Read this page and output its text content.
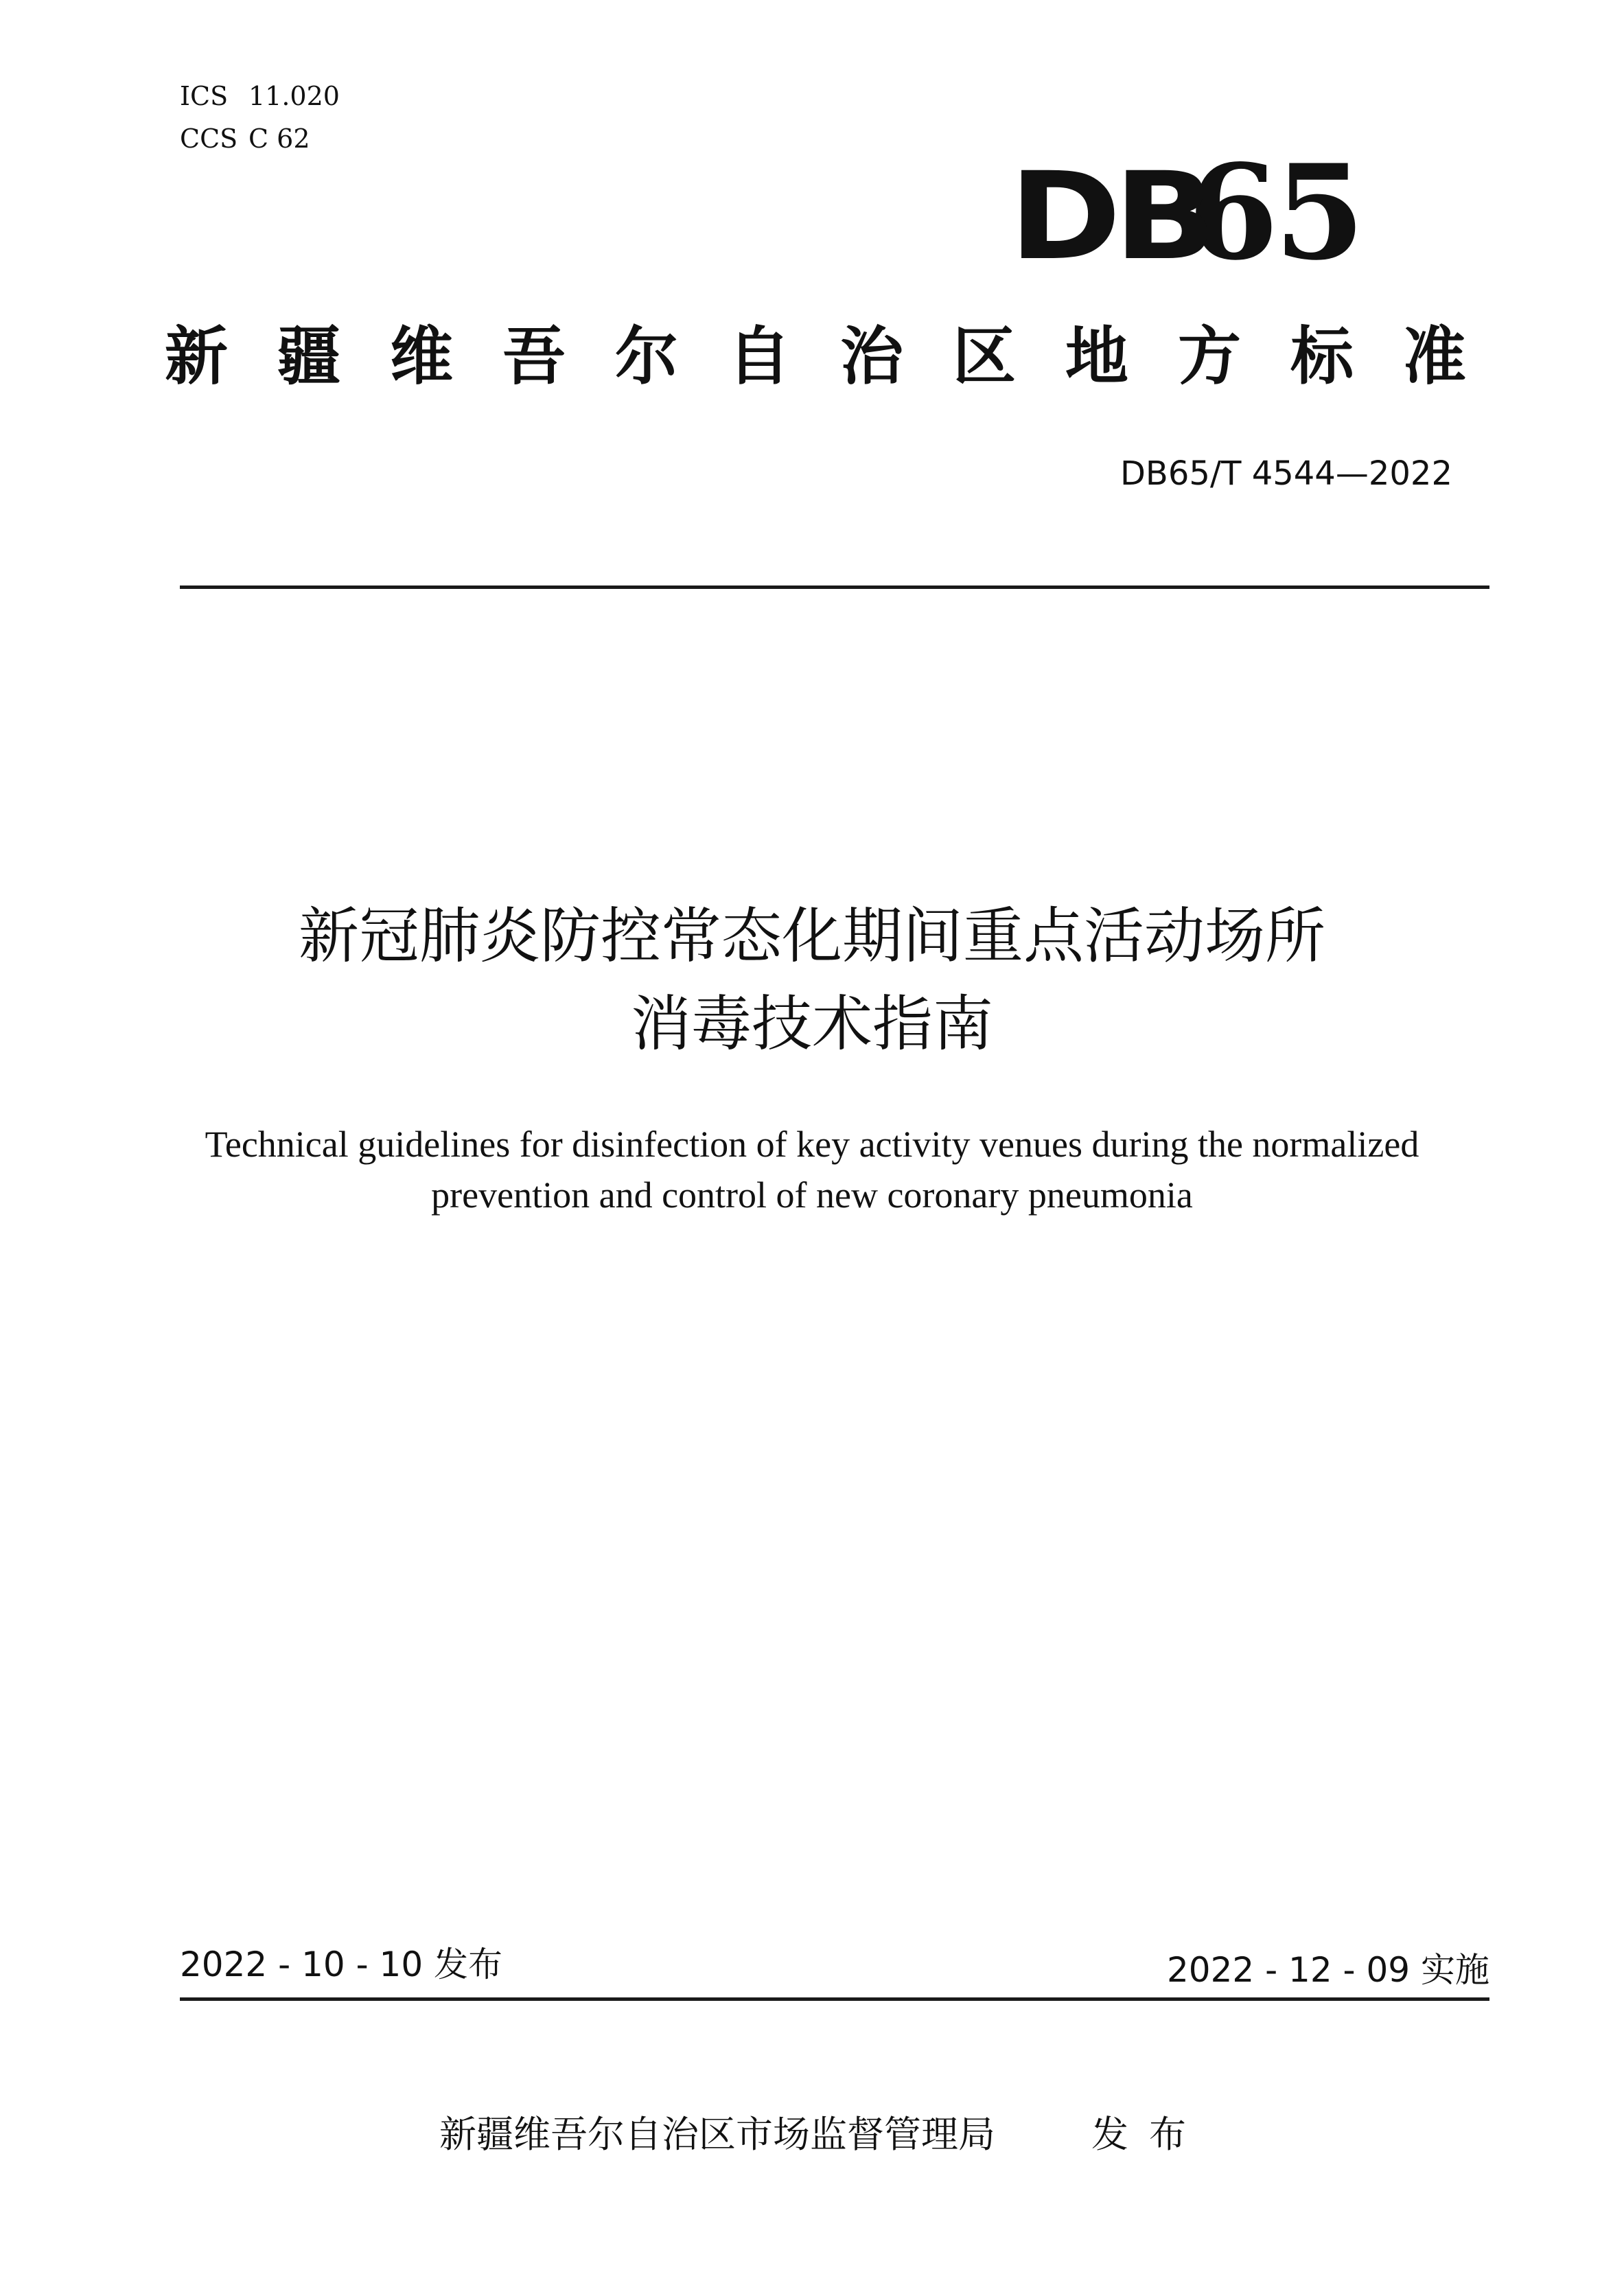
ICS 11.020
CCS C 62
DB65
新疆维吾尔自治区地方标准
DB65/T 4544—2022
新冠肺炎防控常态化期间重点活动场所
消毒技术指南
Technical guidelines for disinfection of key activity venues during the normalized
prevention and control of new coronary pneumonia
2022 - 10 - 10 发布	2022 - 12 - 09 实施
新疆维吾尔自治区市场监督管理局	发布
